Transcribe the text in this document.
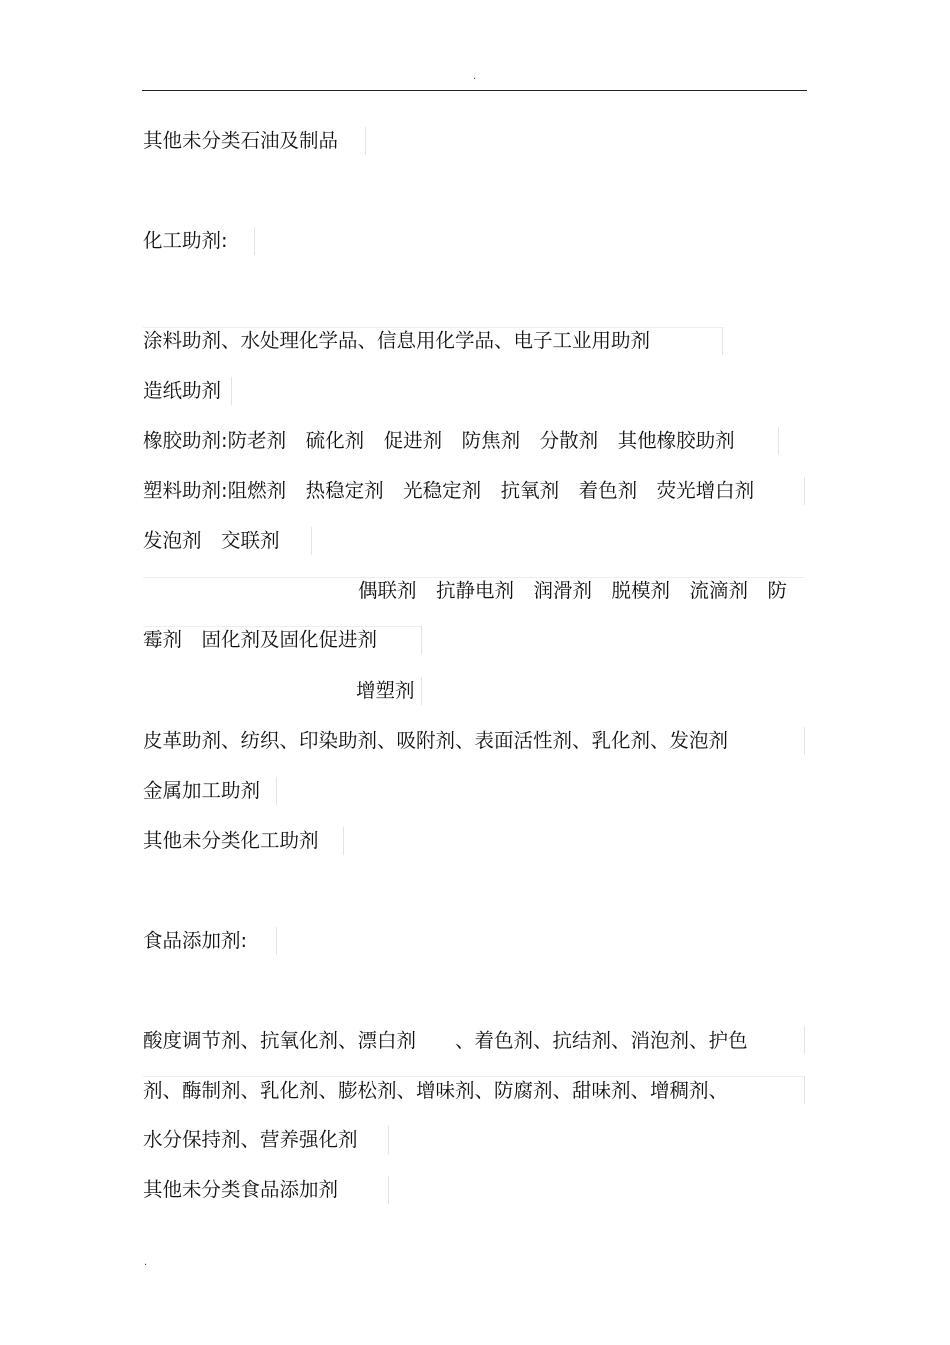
.
其他未分类石油及制品
化工助剂:
涂料助剂、水处理化学品、信息用化学品、电子工业用助剂
造纸助剂
橡胶助剂:防老剂　硫化剂　促进剂　防焦剂　分散剂　其他橡胶助剂
塑料助剂:阻燃剂　热稳定剂　光稳定剂　抗氧剂　着色剂　荧光增白剂
发泡剂　交联剂
偶联剂　抗静电剂　润滑剂　脱模剂　流滴剂　防
霉剂　固化剂及固化促进剂
增塑剂
皮革助剂、纺织、印染助剂、吸附剂、表面活性剂、乳化剂、发泡剂
金属加工助剂
其他未分类化工助剂
食品添加剂:
酸度调节剂、抗氧化剂、漂白剂　　、着色剂、抗结剂、消泡剂、护色
剂、酶制剂、乳化剂、膨松剂、增味剂、防腐剂、甜味剂、增稠剂、
水分保持剂、营养强化剂
其他未分类食品添加剂
.
